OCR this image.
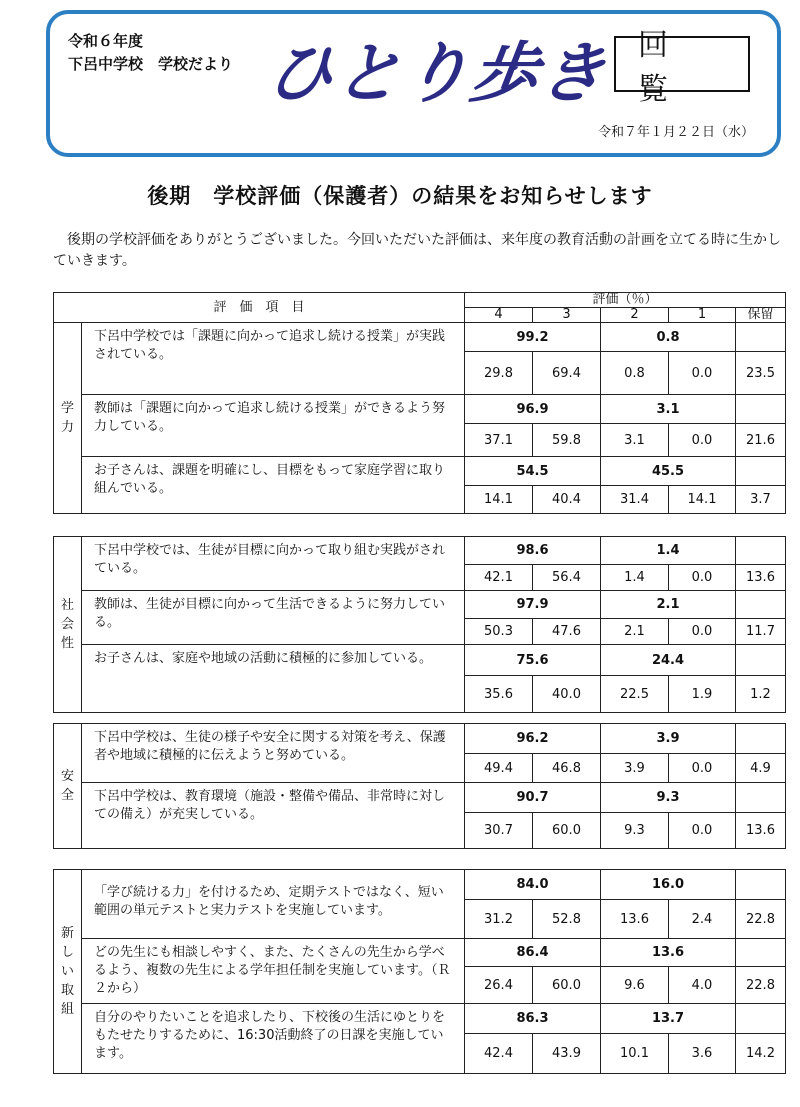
令和６年度
下呂中学校　学校だより ひとり歩き 回覧
令和７年１月２２日（水）
後期　学校評価（保護者）の結果をお知らせします
後期の学校評価をありがとうございました。今回いただいた評価は、来年度の教育活動の計画を立てる時に生かしていきます。
評　価　項　目		評価（％）				
		4	3	2	1	保留
学力	下呂中学校では「課題に向かって追求し続ける授業」が実践されている。	99.2		0.8		
		29.8	69.4	0.8	0.0	23.5
	教師は「課題に向かって追求し続ける授業」ができるよう努力している。	96.9		3.1		
		37.1	59.8	3.1	0.0	21.6
	お子さんは、課題を明確にし、目標をもって家庭学習に取り組んでいる。	54.5		45.5		
		14.1	40.4	31.4	14.1	3.7
社会性	下呂中学校では、生徒が目標に向かって取り組む実践がされている。	98.6		1.4		
		42.1	56.4	1.4	0.0	13.6
	教師は、生徒が目標に向かって生活できるように努力している。	97.9		2.1		
		50.3	47.6	2.1	0.0	11.7
	お子さんは、家庭や地域の活動に積極的に参加している。	75.6		24.4		
		35.6	40.0	22.5	1.9	1.2
安全	下呂中学校は、生徒の様子や安全に関する対策を考え、保護者や地域に積極的に伝えようと努めている。	96.2		3.9		
		49.4	46.8	3.9	0.0	4.9
	下呂中学校は、教育環境（施設・整備や備品、非常時に対しての備え）が充実している。	90.7		9.3		
		30.7	60.0	9.3	0.0	13.6
新しい取組	「学び続ける力」を付けるため、定期テストではなく、短い範囲の単元テストと実力テストを実施しています。	84.0		16.0		
		31.2	52.8	13.6	2.4	22.8
	どの先生にも相談しやすく、また、たくさんの先生から学べるよう、複数の先生による学年担任制を実施しています。（Ｒ２から）	86.4		13.6		
		26.4	60.0	9.6	4.0	22.8
	自分のやりたいことを追求したり、下校後の生活にゆとりをもたせたりするために、16:30活動終了の日課を実施しています。	86.3		13.7		
		42.4	43.9	10.1	3.6	14.2
